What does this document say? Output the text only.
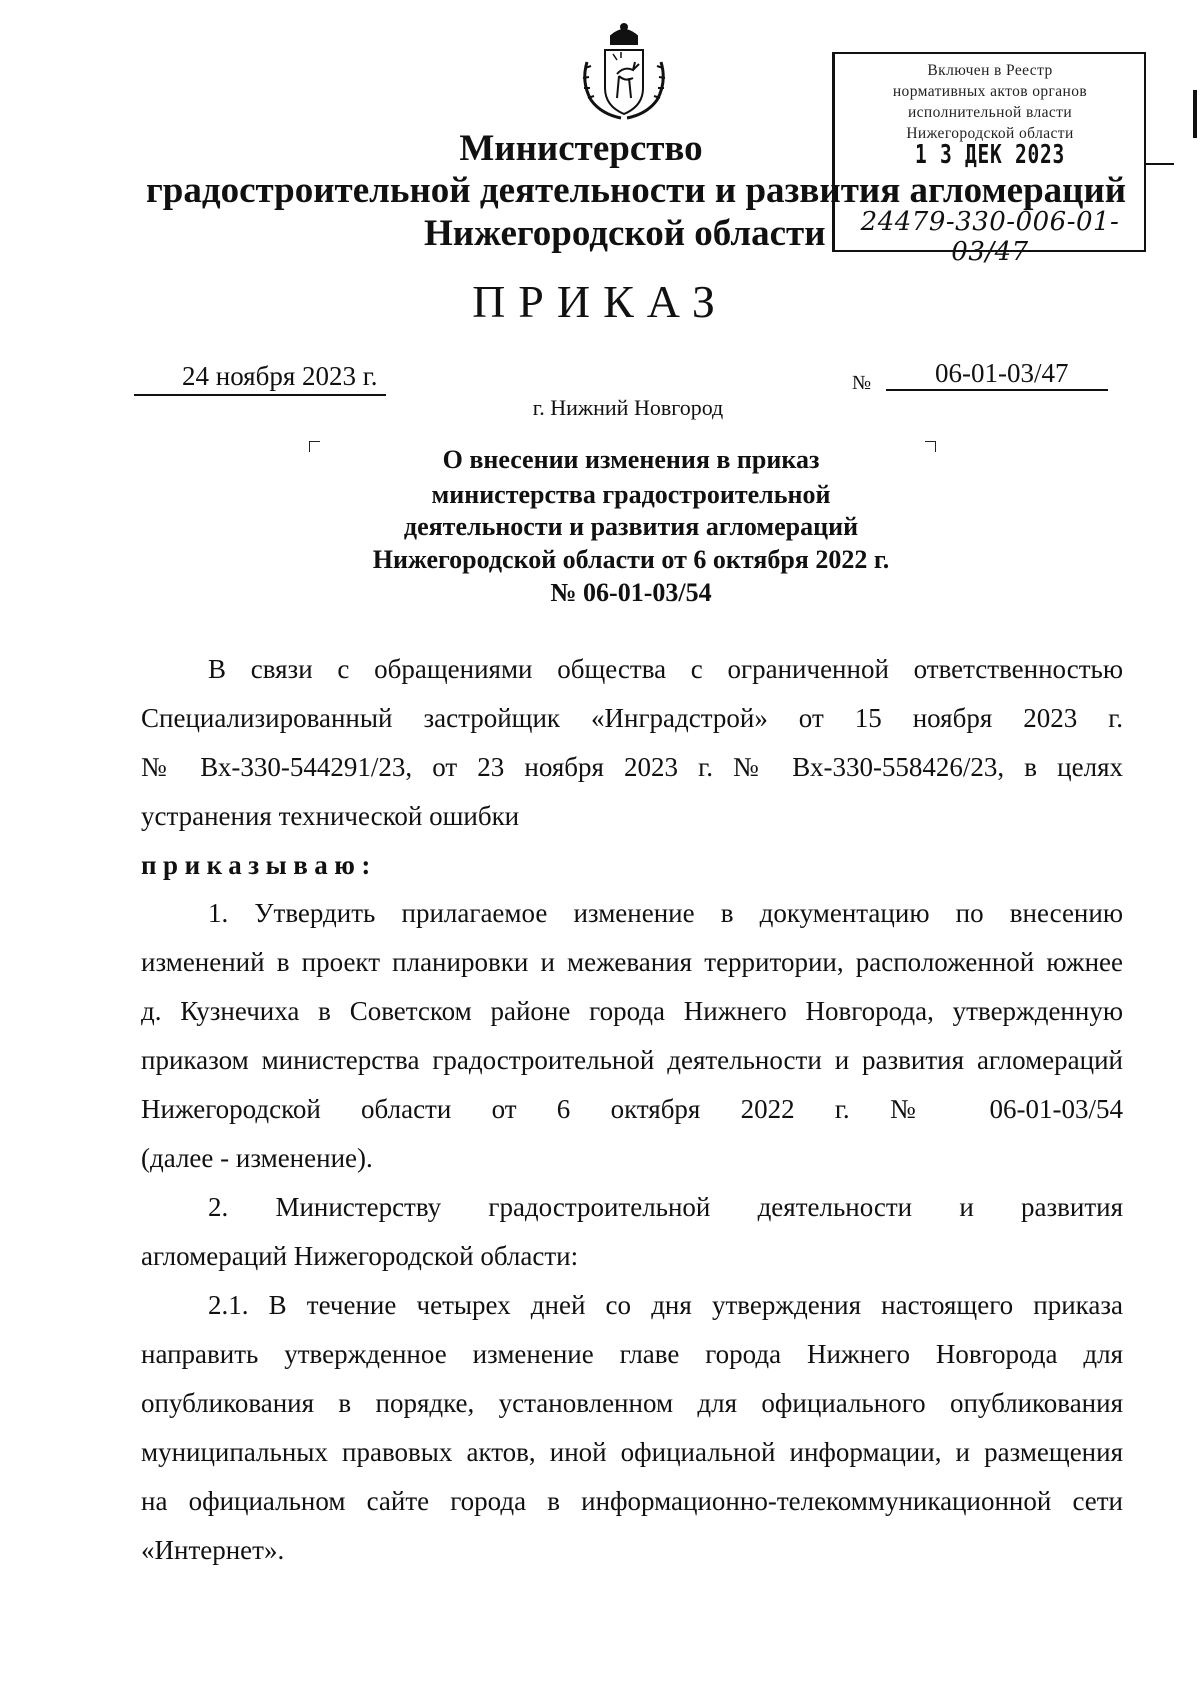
Включен в Реестр
нормативных актов органов
исполнительной власти
Нижегородской области
1 3 ДЕК 2023
24479-330-006-01-03/47
Министерство
градостроительной деятельности и развития агломераций
Нижегородской области
ПРИКАЗ
24 ноября 2023 г.	№ 06-01-03/47
г. Нижний Новгород
О внесении изменения в приказ
министерства градостроительной
деятельности и развития агломераций
Нижегородской области от 6 октября 2022 г.
№ 06-01-03/54
В связи с обращениями общества с ограниченной ответственностью
Специализированный застройщик «Инградстрой» от 15 ноября 2023 г.
№ Вх-330-544291/23, от 23 ноября 2023 г. № Вх-330-558426/23, в целях
устранения технической ошибки
приказываю:
1. Утвердить прилагаемое изменение в документацию по внесению
изменений в проект планировки и межевания территории, расположенной южнее
д. Кузнечиха в Советском районе города Нижнего Новгорода, утвержденную
приказом министерства градостроительной деятельности и развития агломераций
Нижегородской области от 6 октября 2022 г. № 06-01-03/54
(далее - изменение).
2. Министерству градостроительной деятельности и развития
агломераций Нижегородской области:
2.1. В течение четырех дней со дня утверждения настоящего приказа
направить утвержденное изменение главе города Нижнего Новгорода для
опубликования в порядке, установленном для официального опубликования
муниципальных правовых актов, иной официальной информации, и размещения
на официальном сайте города в информационно-телекоммуникационной сети
«Интернет».
